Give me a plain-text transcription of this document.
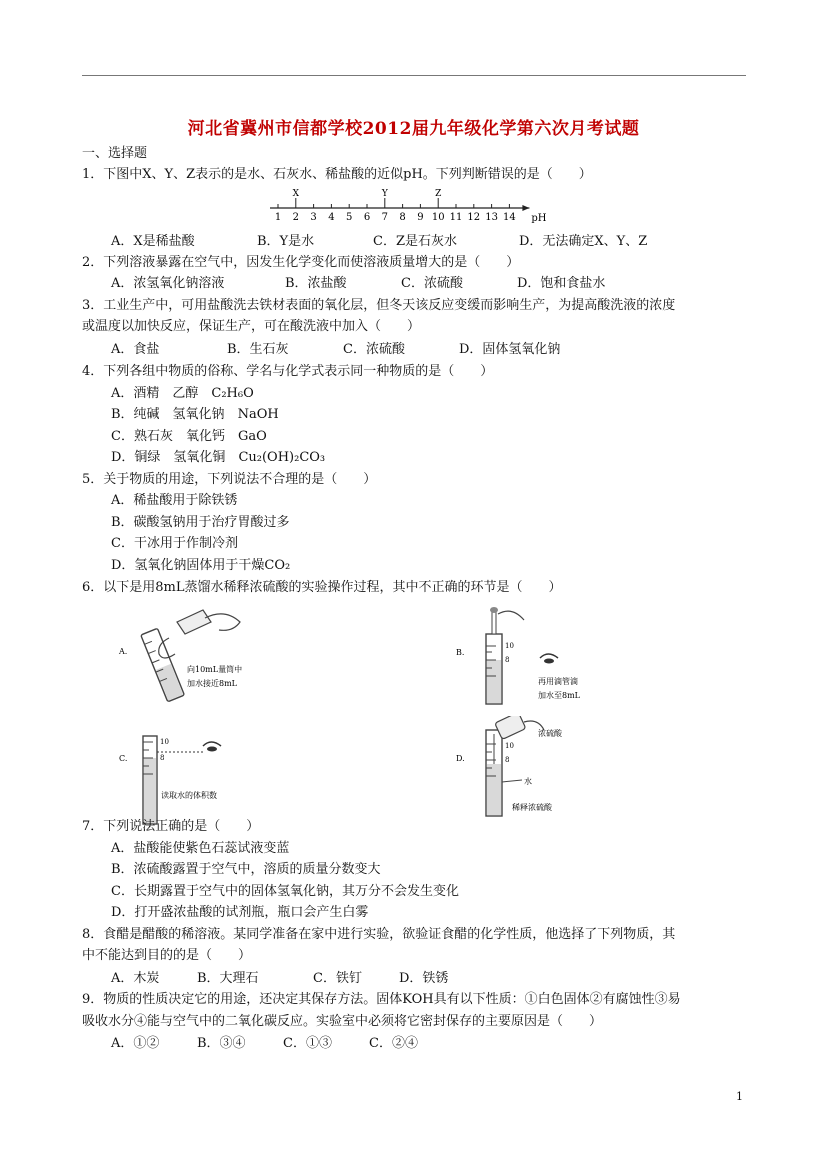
河北省冀州市信都学校2012届九年级化学第六次月考试题
一、选择题
1．下图中X、Y、Z表示的是水、石灰水、稀盐酸的近似pH。下列判断错误的是（　　）
1 2 3 4 5 6 7 8 9 10 11 12 13 14 pH
X	Y	Z
A．X是稀盐酸	B．Y是水	C．Z是石灰水	D．无法确定X、Y、Z
2．下列溶液暴露在空气中，因发生化学变化而使溶液质量增大的是（　　）
A．浓氢氧化钠溶液	B．浓盐酸	C．浓硫酸	D．饱和食盐水
3．工业生产中，可用盐酸洗去铁材表面的氧化层，但冬天该反应变缓而影响生产，为提高酸洗液的浓度
或温度以加快反应，保证生产，可在酸洗液中加入（　　）
A．食盐	B．生石灰	C．浓硫酸	D．固体氢氧化钠
4．下列各组中物质的俗称、学名与化学式表示同一种物质的是（　　）
A．酒精　乙醇　C₂H₆O
B．纯碱　氢氧化钠　NaOH
C．熟石灰　氧化钙　GaO
D．铜绿　氢氧化铜　Cu₂(OH)₂CO₃
5．关于物质的用途，下列说法不合理的是（　　）
A．稀盐酸用于除铁锈
B．碳酸氢钠用于治疗胃酸过多
C．干冰用于作制冷剂
D．氢氧化钠固体用于干燥CO₂
6．以下是用8mL蒸馏水稀释浓硫酸的实验操作过程，其中不正确的环节是（　　）
A.
向10mL量筒中
加水接近8mL
B.
10
8
再用滴管滴
加水至8mL
C.
10
8
读取水的体积数
D.
10
8
浓硫酸
水
稀释浓硫酸
7．下列说法正确的是（　　）
A．盐酸能使紫色石蕊试液变蓝
B．浓硫酸露置于空气中，溶质的质量分数变大
C．长期露置于空气中的固体氢氧化钠，其万分不会发生变化
D．打开盛浓盐酸的试剂瓶，瓶口会产生白雾
8．食醋是醋酸的稀溶液。某同学准备在家中进行实验，欲验证食醋的化学性质，他选择了下列物质，其
中不能达到目的的是（　　）
A．木炭	B．大理石	C．铁钉	D．铁锈
9．物质的性质决定它的用途，还决定其保存方法。固体KOH具有以下性质：①白色固体②有腐蚀性③易
吸收水分④能与空气中的二氧化碳反应。实验室中必须将它密封保存的主要原因是（　　）
A．①②	B．③④	C．①③	C．②④
1
